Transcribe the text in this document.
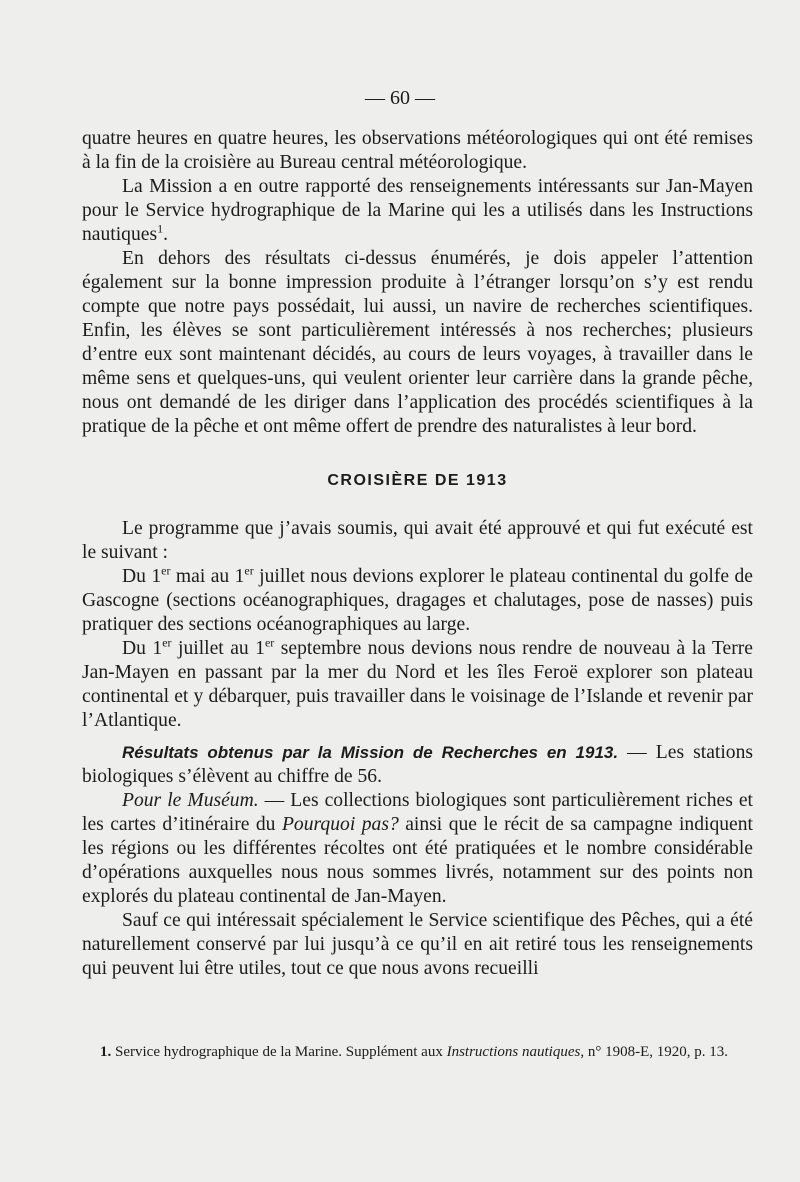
— 60 —

quatre heures en quatre heures, les observations météorologiques qui ont été remises à la fin de la croisière au Bureau central météorologique.

La Mission a en outre rapporté des renseignements intéressants sur Jan-Mayen pour le Service hydrographique de la Marine qui les a utilisés dans les Instructions nautiques$^1$.

En dehors des résultats ci-dessus énumérés, je dois appeler l’attention également sur la bonne impression produite à l’étranger lorsqu’on s’y est rendu compte que notre pays possédait, lui aussi, un navire de recherches scientifiques. Enfin, les élèves se sont particulièrement intéressés à nos recherches; plusieurs d’entre eux sont maintenant décidés, au cours de leurs voyages, à travailler dans le même sens et quelques-uns, qui veulent orienter leur carrière dans la grande pêche, nous ont demandé de les diriger dans l’application des procédés scientifiques à la pratique de la pêche et ont même offert de prendre des naturalistes à leur bord.

CROISIÈRE DE 1913

Le programme que j’avais soumis, qui avait été approuvé et qui fut exécuté est le suivant :

Du 1er mai au 1er juillet nous devions explorer le plateau continental du golfe de Gascogne (sections océanographiques, dragages et chalutages, pose de nasses) puis pratiquer des sections océanographiques au large.

Du 1er juillet au 1er septembre nous devions nous rendre de nouveau à la Terre Jan-Mayen en passant par la mer du Nord et les îles Feroë explorer son plateau continental et y débarquer, puis travailler dans le voisinage de l’Islande et revenir par l’Atlantique.

Résultats obtenus par la Mission de Recherches en 1913. — Les stations biologiques s’élèvent au chiffre de 56.

Pour le Muséum. — Les collections biologiques sont particulièrement riches et les cartes d’itinéraire du Pourquoi pas? ainsi que le récit de sa campagne indiquent les régions ou les différentes récoltes ont été pratiquées et le nombre considérable d’opérations auxquelles nous nous sommes livrés, notamment sur des points non explorés du plateau continental de Jan-Mayen.

Sauf ce qui intéressait spécialement le Service scientifique des Pêches, qui a été naturellement conservé par lui jusqu’à ce qu’il en ait retiré tous les renseignements qui peuvent lui être utiles, tout ce que nous avons recueilli

1. Service hydrographique de la Marine. Supplément aux Instructions nautiques, n° 1908-E, 1920, p. 13.
